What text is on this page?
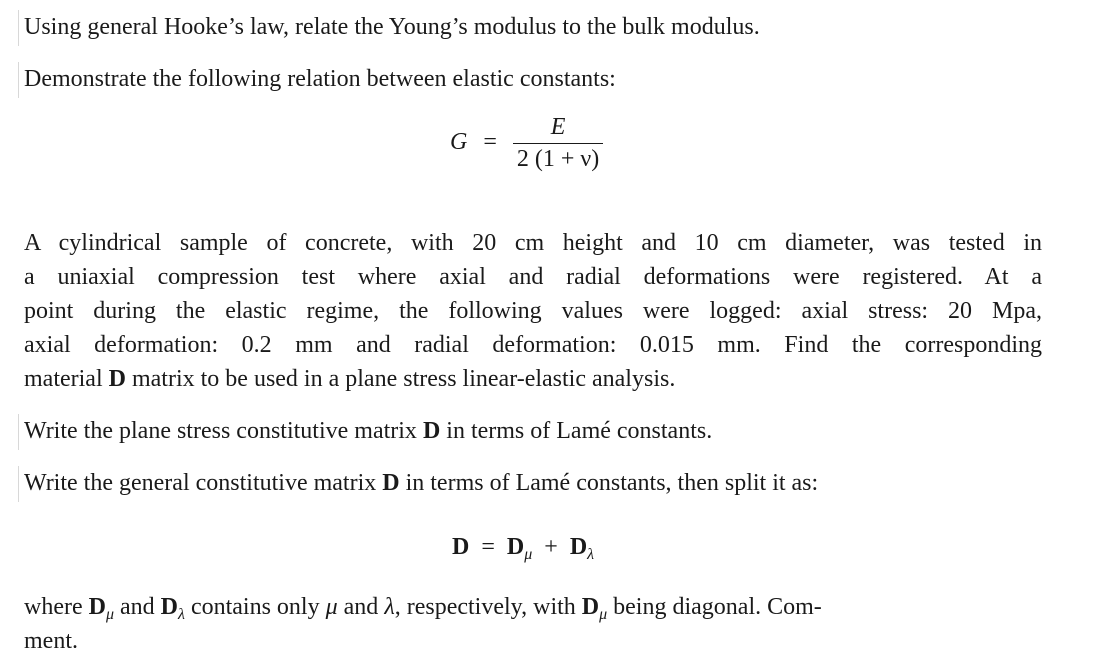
Using general Hooke’s law, relate the Young’s modulus to the bulk modulus.
Demonstrate the following relation between elastic constants:
$G = \frac{E}{2 (1 + \nu)}$
A cylindrical sample of concrete, with 20 cm height and 10 cm diameter, was tested in
a uniaxial compression test where axial and radial deformations were registered. At a
point during the elastic regime, the following values were logged: axial stress: 20 Mpa,
axial deformation: 0.2 mm and radial deformation: 0.015 mm. Find the corresponding
material D matrix to be used in a plane stress linear-elastic analysis.
Write the plane stress constitutive matrix D in terms of Lamé constants.
Write the general constitutive matrix D in terms of Lamé constants, then split it as:
$D = D_\mu + D_\lambda$
where $D_\mu$ and $D_\lambda$ contains only μ and λ, respectively, with $D_\mu$ being diagonal. Com-
ment.
